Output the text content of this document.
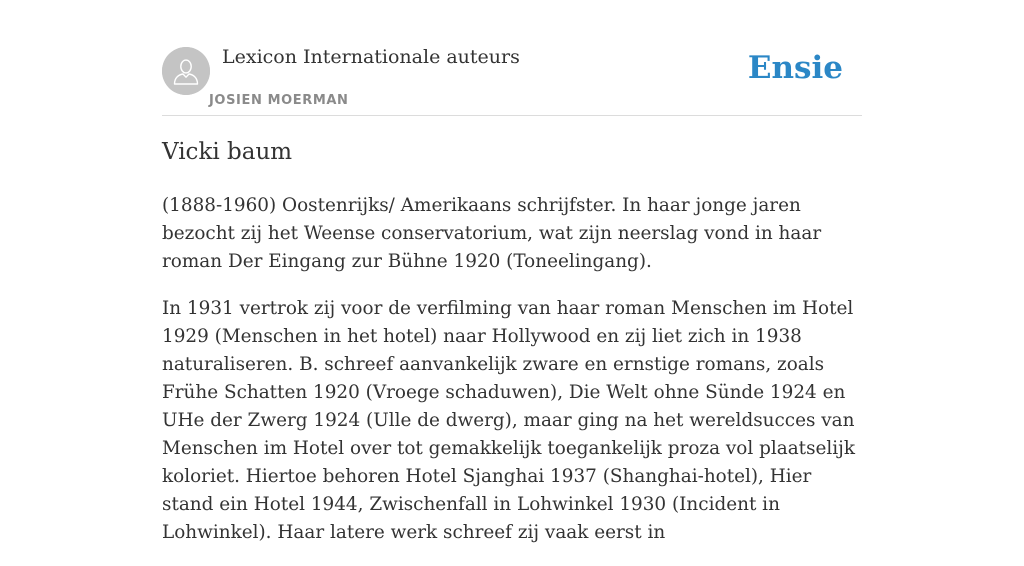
Lexicon Internationale auteurs
JOSIEN MOERMAN
Ensie
Vicki baum

(1888-1960) Oostenrijks/ Amerikaans schrijfster. In haar jonge jaren bezocht zij het Weense conservatorium, wat zijn neerslag vond in haar roman Der Eingang zur Bühne 1920 (Toneelingang).

In 1931 vertrok zij voor de verfilming van haar roman Menschen im Hotel 1929 (Menschen in het hotel) naar Hollywood en zij liet zich in 1938 naturaliseren. B. schreef aanvankelijk zware en ernstige romans, zoals Frühe Schatten 1920 (Vroege schaduwen), Die Welt ohne Sünde 1924 en UHe der Zwerg 1924 (Ulle de dwerg), maar ging na het wereldsucces van Menschen im Hotel over tot gemakkelijk toegankelijk proza vol plaatselijk koloriet. Hiertoe behoren Hotel Sjanghai 1937 (Shanghai-hotel), Hier stand ein Hotel 1944, Zwischenfall in Lohwinkel 1930 (Incident in Lohwinkel). Haar latere werk schreef zij vaak eerst in
